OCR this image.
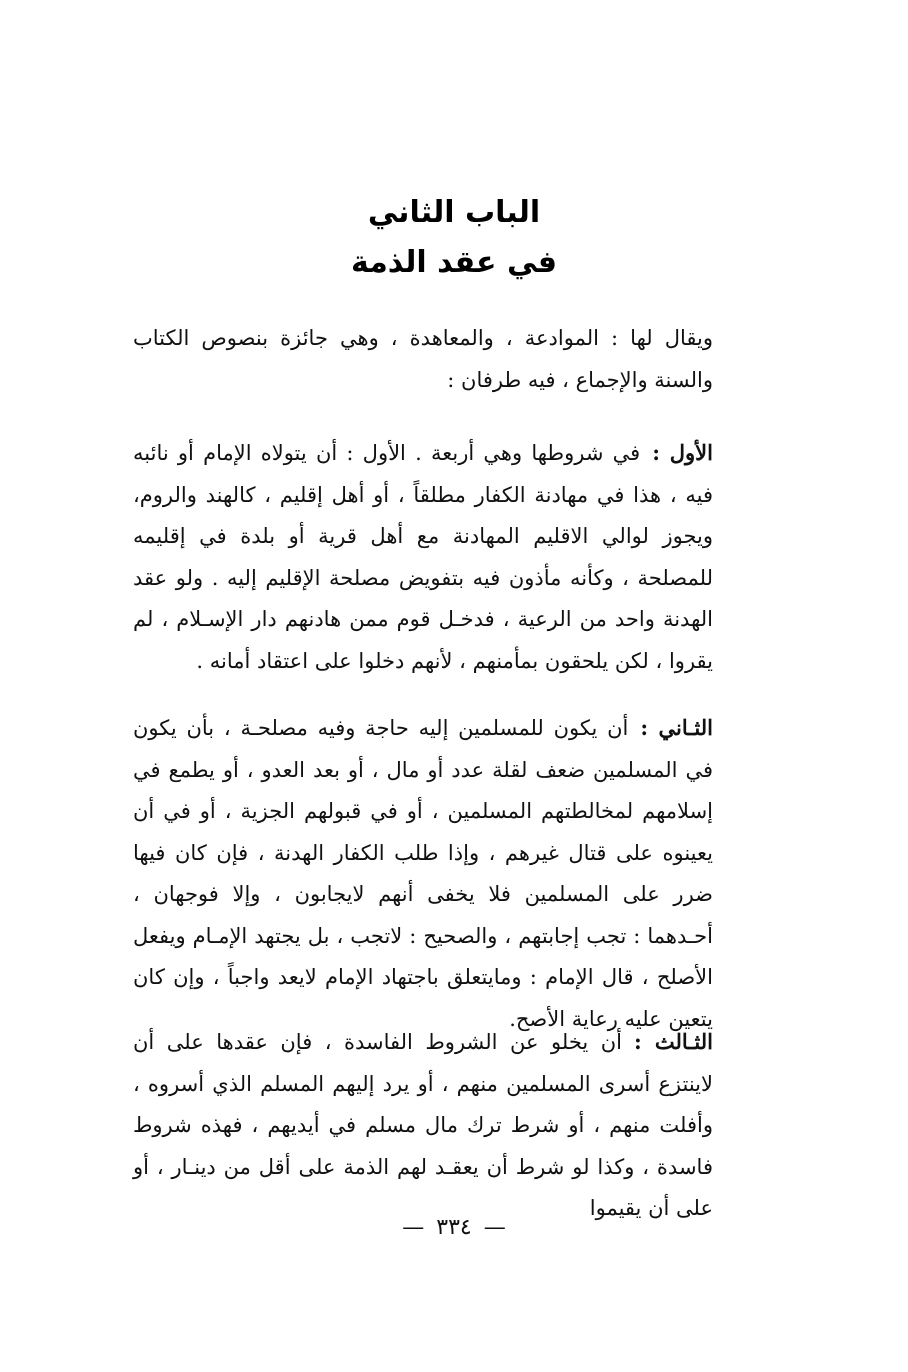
الباب الثاني
في عقد الذمة

ويقال لها : الموادعة ، والمعاهدة ، وهي جائزة بنصوص الكتاب والسنة والإجماع ، فيه طرفان :

الأول :في شروطها وهي أربعة . الأول : أن يتولاه الإمام أو نائبه فيه ، هذا في مهادنة الكفار مطلقاً ، أو أهل إقليم ، كالهند والروم، ويجوز لوالي الاقليم المهادنة مع أهل قرية أو بلدة في إقليمه للمصلحة ، وكأنه مأذون فيه بتفويض مصلحة الإقليم إليه . ولو عقد الهدنة واحد من الرعية ، فدخـل قوم ممن هادنهم دار الإسـلام ، لم يقروا ، لكن يلحقون بمأمنهم ، لأنهم دخلوا على اعتقاد أمانه .

الثـاني :أن يكون للمسلمين إليه حاجة وفيه مصلحـة ، بأن يكون في المسلمين ضعف لقلة عدد أو مال ، أو بعد العدو ، أو يطمع في إسلامهم لمخالطتهم المسلمين ، أو في قبولهم الجزية ، أو في أن يعينوه على قتال غيرهم ، وإذا طلب الكفار الهدنة ، فإن كان فيها ضرر على المسلمين فلا يخفى أنهم لايجابون ، وإلا فوجهان ، أحـدهما : تجب إجابتهم ، والصحيح : لاتجب ، بل يجتهد الإمـام ويفعل الأصلح ، قال الإمام : ومايتعلق باجتهاد الإمام لايعد واجباً ، وإن كان يتعين عليه رعاية الأصح.

الثـالث :أن يخلو عن الشروط الفاسدة ، فإن عقدها على أن لاينتزع أسرى المسلمين منهم ، أو يرد إليهم المسلم الذي أسروه ، وأفلت منهم ، أو شرط ترك مال مسلم في أيديهم ، فهذه شروط فاسدة ، وكذا لو شرط أن يعقـد لهم الذمة على أقل من دينـار ، أو على أن يقيموا

—٣٣٤—
